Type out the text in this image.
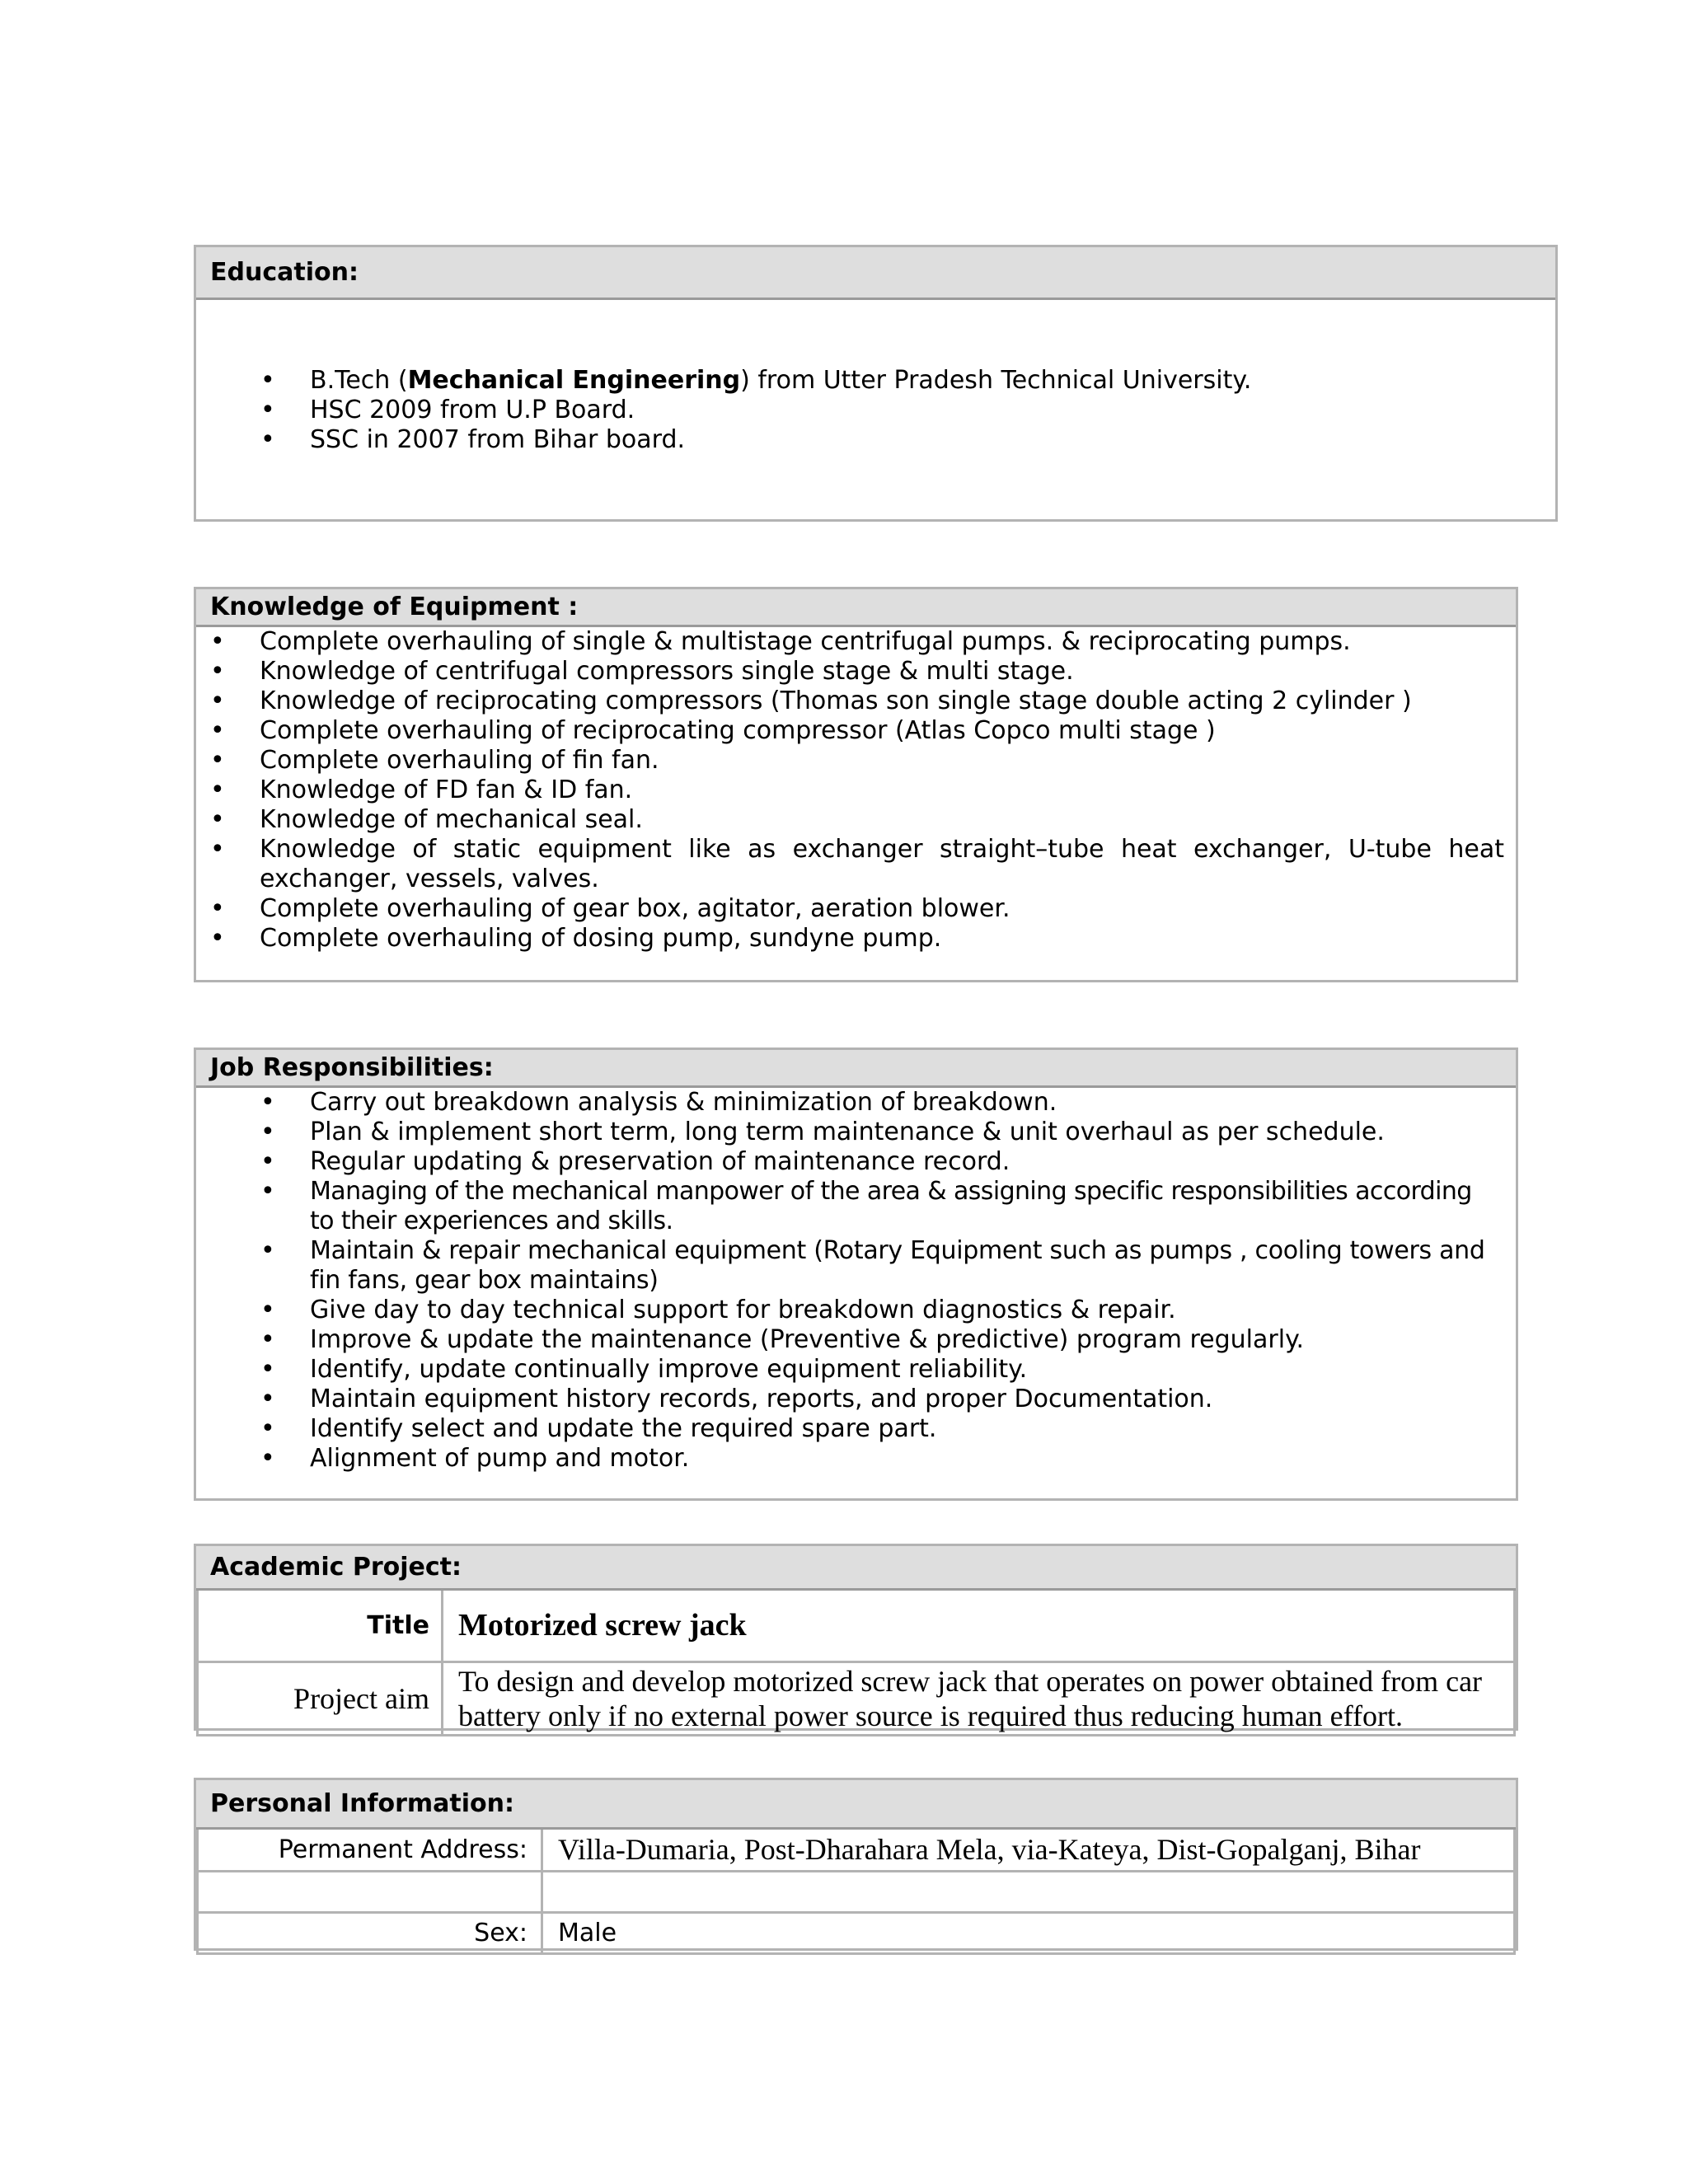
Education:
• B.Tech (Mechanical Engineering) from Utter Pradesh Technical University.
• HSC 2009 from U.P Board.
• SSC in 2007 from Bihar board.
Knowledge of Equipment :
• Complete overhauling of single & multistage centrifugal pumps. & reciprocating pumps.
• Knowledge of centrifugal compressors single stage & multi stage.
• Knowledge of reciprocating compressors (Thomas son single stage double acting 2 cylinder )
• Complete overhauling of reciprocating compressor (Atlas Copco multi stage )
• Complete overhauling of fin fan.
• Knowledge of FD fan & ID fan.
• Knowledge of mechanical seal.
• Knowledge of static equipment like as exchanger straight–tube heat exchanger, U-tube heat exchanger, vessels, valves.
• Complete overhauling of gear box, agitator, aeration blower.
• Complete overhauling of dosing pump, sundyne pump.
Job Responsibilities:
• Carry out breakdown analysis & minimization of breakdown.
• Plan & implement short term, long term maintenance & unit overhaul as per schedule.
• Regular updating & preservation of maintenance record.
• Managing of the mechanical manpower of the area & assigning specific responsibilities according to their experiences and skills.
• Maintain & repair mechanical equipment (Rotary Equipment such as pumps , cooling towers and fin fans, gear box maintains)
• Give day to day technical support for breakdown diagnostics & repair.
• Improve & update the maintenance (Preventive & predictive) program regularly.
• Identify, update continually improve equipment reliability.
• Maintain equipment history records, reports, and proper Documentation.
• Identify select and update the required spare part.
• Alignment of pump and motor.
Academic Project:
Title	Motorized screw jack
Project aim	To design and develop motorized screw jack that operates on power obtained from car battery only if no external power source is required thus reducing human effort.
Personal Information:
Permanent Address:	Villa-Dumaria, Post-Dharahara Mela, via-Kateya, Dist-Gopalganj, Bihar

Sex:	Male
